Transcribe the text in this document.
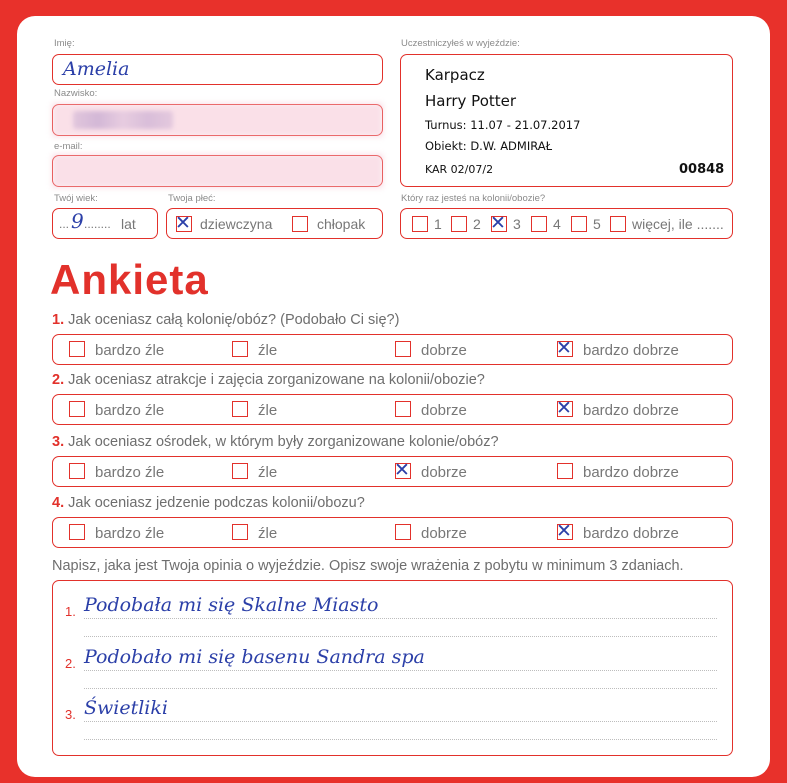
Imię:
Amelia
Nazwisko:
e-mail:
Twój wiek:
... 9 ........ lat
Twoja płeć:
✕ dziewczyna	chłopak
Uczestniczyłeś w wyjeździe:
Karpacz
Harry Potter
Turnus: 11.07 - 21.07.2017
Obiekt: D.W. ADMIRAŁ
KAR 02/07/2	00848
Który raz jesteś na kolonii/obozie?
1 2 ✕ 3 4 5 więcej, ile .......
Ankieta
1. Jak oceniasz całą kolonię/obóz? (Podobało Ci się?)
bardzo źle	źle	dobrze	✕ bardzo dobrze
2. Jak oceniasz atrakcje i zajęcia zorganizowane na kolonii/obozie?
bardzo źle	źle	dobrze	✕ bardzo dobrze
3. Jak oceniasz ośrodek, w którym były zorganizowane kolonie/obóz?
bardzo źle	źle	✕ dobrze	bardzo dobrze
4. Jak oceniasz jedzenie podczas kolonii/obozu?
bardzo źle	źle	dobrze	✕ bardzo dobrze
Napisz, jaka jest Twoja opinia o wyjeździe. Opisz swoje wrażenia z pobytu w minimum 3 zdaniach.
1. Podobała mi się Skalne Miasto
2. Podobało mi się basenu Sandra spa
3. Świetliki
